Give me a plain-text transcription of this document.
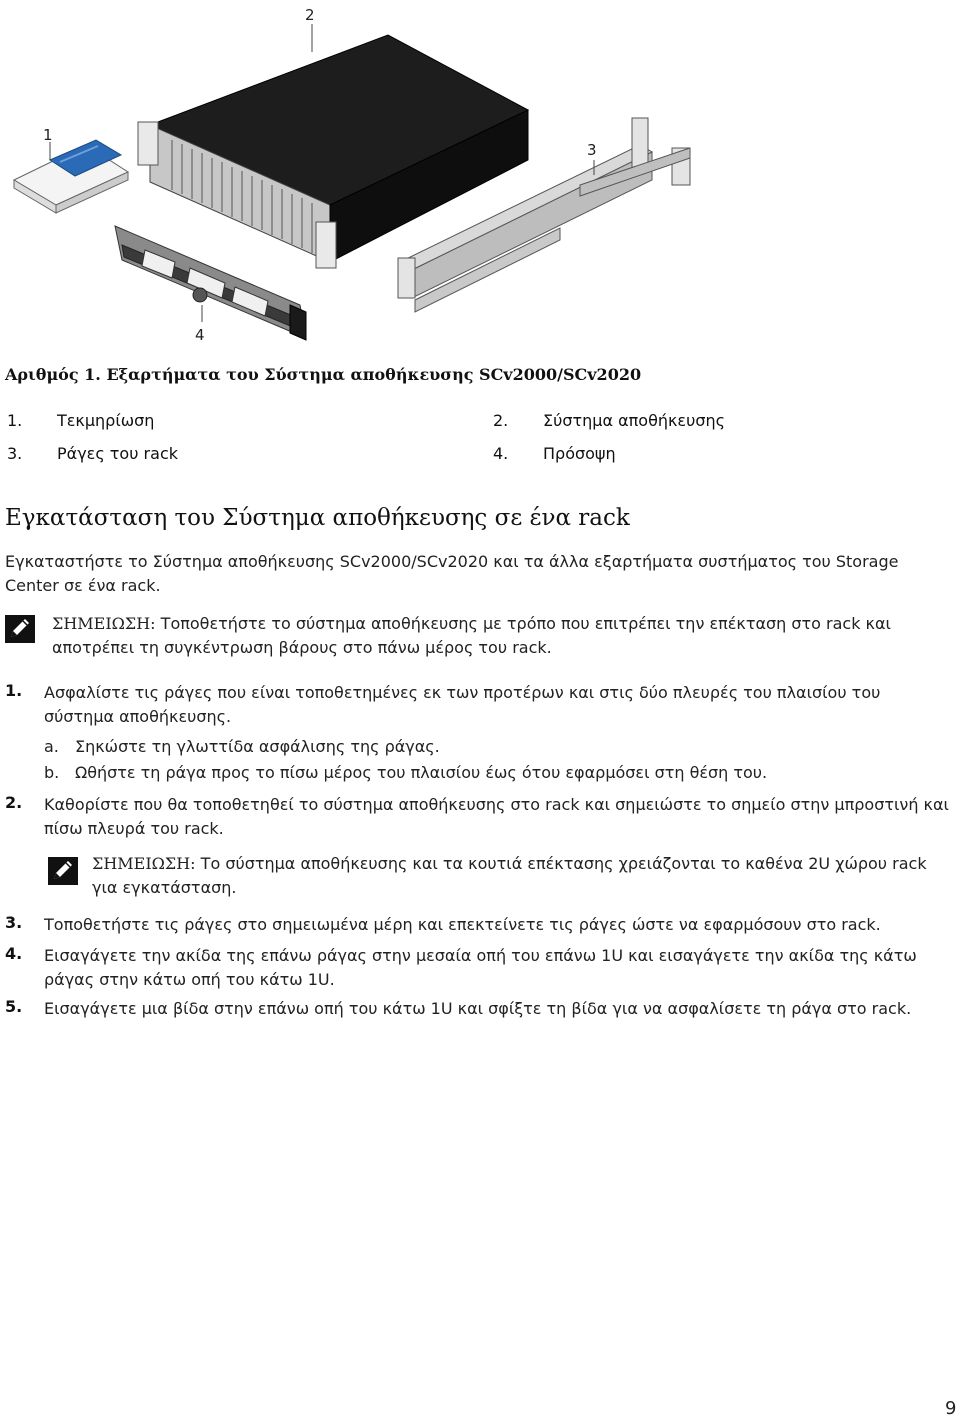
1
2
3
4
Αριθμός 1. Εξαρτήματα του Σύστημα αποθήκευσης SCv2000/SCv2020
1. Τεκμηρίωση	2. Σύστημα αποθήκευσης
3. Ράγες του rack	4. Πρόσοψη
Εγκατάσταση του Σύστημα αποθήκευσης σε ένα rack
Εγκαταστήστε το Σύστημα αποθήκευσης SCv2000/SCv2020 και τα άλλα εξαρτήματα συστήματος του Storage Center σε ένα rack.
ΣΗΜΕΙΩΣΗ: Τοποθετήστε το σύστημα αποθήκευσης με τρόπο που επιτρέπει την επέκταση στο rack και αποτρέπει τη συγκέντρωση βάρους στο πάνω μέρος του rack.
1. Ασφαλίστε τις ράγες που είναι τοποθετημένες εκ των προτέρων και στις δύο πλευρές του πλαισίου του σύστημα αποθήκευσης.
a. Σηκώστε τη γλωττίδα ασφάλισης της ράγας.
b. Ωθήστε τη ράγα προς το πίσω μέρος του πλαισίου έως ότου εφαρμόσει στη θέση του.
2. Καθορίστε που θα τοποθετηθεί το σύστημα αποθήκευσης στο rack και σημειώστε το σημείο στην μπροστινή και πίσω πλευρά του rack.
ΣΗΜΕΙΩΣΗ: Το σύστημα αποθήκευσης και τα κουτιά επέκτασης χρειάζονται το καθένα 2U χώρου rack για εγκατάσταση.
3. Τοποθετήστε τις ράγες στο σημειωμένα μέρη και επεκτείνετε τις ράγες ώστε να εφαρμόσουν στο rack.
4. Εισαγάγετε την ακίδα της επάνω ράγας στην μεσαία οπή του επάνω 1U και εισαγάγετε την ακίδα της κάτω ράγας στην κάτω οπή του κάτω 1U.
5. Εισαγάγετε μια βίδα στην επάνω οπή του κάτω 1U και σφίξτε τη βίδα για να ασφαλίσετε τη ράγα στο rack.
9
